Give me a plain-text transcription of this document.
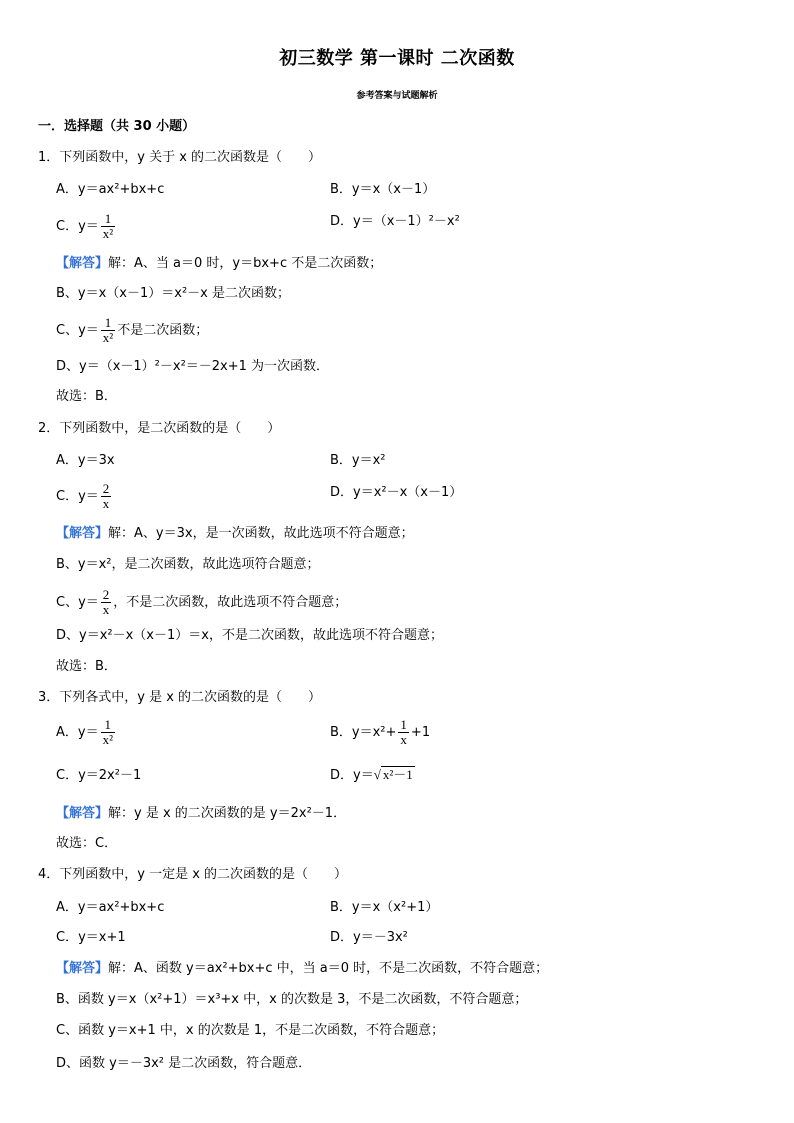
初三数学 第一课时 二次函数
参考答案与试题解析
一．选择题（共 30 小题）
1．下列函数中，y 关于 x 的二次函数是（　　）
A．y＝ax²+bx+c	B．y＝x（x－1）
C．$y= \frac{1}{\text{x²}}$	D．y＝（x－1）²－x²
【解答】解：A、当 a＝0 时，y＝bx+c 不是二次函数；
B、y＝x（x－1）＝x²－x 是二次函数；
C、$y= \frac{1}{\text{x²}}$ 不是二次函数；
D、y＝（x－1）²－x²＝－2x+1 为一次函数．
故选：B．
2．下列函数中，是二次函数的是（　　）
A．y＝3x	B．y＝x²
C．$y= \frac{2}{x}$	D．y＝x²－x（x－1）
【解答】解：A、y＝3x，是一次函数，故此选项不符合题意；
B、y＝x²，是二次函数，故此选项符合题意；
C、$y= \frac{2}{x}$ ，不是二次函数，故此选项不符合题意；
D、y＝x²－x（x－1）＝x，不是二次函数，故此选项不符合题意；
故选：B．
3．下列各式中，y 是 x 的二次函数的是（　　）
A．$y= \frac{1}{\text{x²}}$	B．$y=x^2+ \frac{1}{x} +1$
C．y＝2x²－1	D．y＝√ x²－1
【解答】解：y 是 x 的二次函数的是 y＝2x²－1．
故选：C．
4．下列函数中，y 一定是 x 的二次函数的是（　　）
A．y＝ax²+bx+c	B．y＝x（x²+1）
C．y＝x+1	D．y＝－3x²
【解答】解：A、函数 y＝ax²+bx+c 中，当 a＝0 时，不是二次函数，不符合题意；
B、函数 y＝x（x²+1）＝x³+x 中，x 的次数是 3，不是二次函数，不符合题意；
C、函数 y＝x+1 中，x 的次数是 1，不是二次函数，不符合题意；
D、函数 y＝－3x² 是二次函数，符合题意．
